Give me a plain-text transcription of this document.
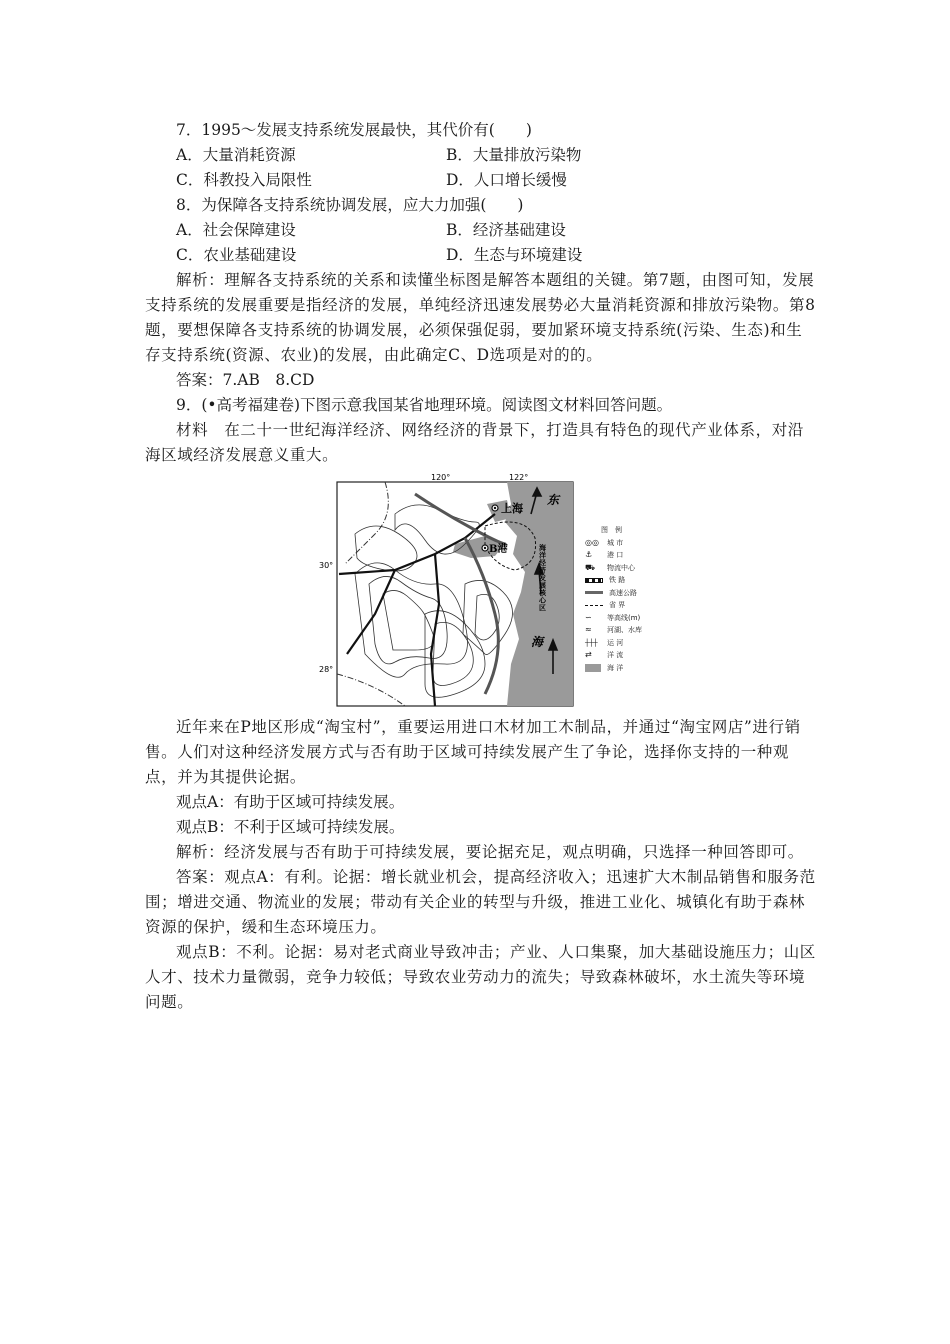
7．1995～发展支持系统发展最快，其代价有(　　)
A．大量消耗资源	B．大量排放污染物
C．科教投入局限性	D．人口增长缓慢
8．为保障各支持系统协调发展，应大力加强(　　)
A．社会保障建设	B．经济基础建设
C．农业基础建设	D．生态与环境建设

解析：理解各支持系统的关系和读懂坐标图是解答本题组的关键。第7题，由图可知，发展支持系统的发展重要是指经济的发展，单纯经济迅速发展势必大量消耗资源和排放污染物。第8题，要想保障各支持系统的协调发展，必须保强促弱，要加紧环境支持系统(污染、生态)和生存支持系统(资源、农业)的发展，由此确定C、D选项是对的的。

答案：7.AB　8.CD
9．(•高考福建卷)下图示意我国某省地理环境。阅读图文材料回答问题。

材料　在二十一世纪海洋经济、网络经济的背景下，打造具有特色的现代产业体系，对沿海区域经济发展意义重大。

120°	122°
30°
28°
上海
B港
东
海
海洋经济发展核心区
图　例
◎◎	城 市
⚓	港 口
⛟	物流中心
铁 路
高速公路
省 界
∽	等高线(m)
≈	河湖、水库
┼┼┼	运 河
⇄	洋 流
海 洋

近年来在P地区形成“淘宝村”，重要运用进口木材加工木制品，并通过“淘宝网店”进行销售。人们对这种经济发展方式与否有助于区域可持续发展产生了争论，选择你支持的一种观点，并为其提供论据。

观点A：有助于区域可持续发展。
观点B：不利于区域可持续发展。

解析：经济发展与否有助于可持续发展，要论据充足，观点明确，只选择一种回答即可。

答案：观点A：有利。论据：增长就业机会，提高经济收入；迅速扩大木制品销售和服务范围；增进交通、物流业的发展；带动有关企业的转型与升级，推进工业化、城镇化有助于森林资源的保护，缓和生态环境压力。

观点B：不利。论据：易对老式商业导致冲击；产业、人口集聚，加大基础设施压力；山区人才、技术力量微弱，竞争力较低；导致农业劳动力的流失；导致森林破坏，水土流失等环境问题。
